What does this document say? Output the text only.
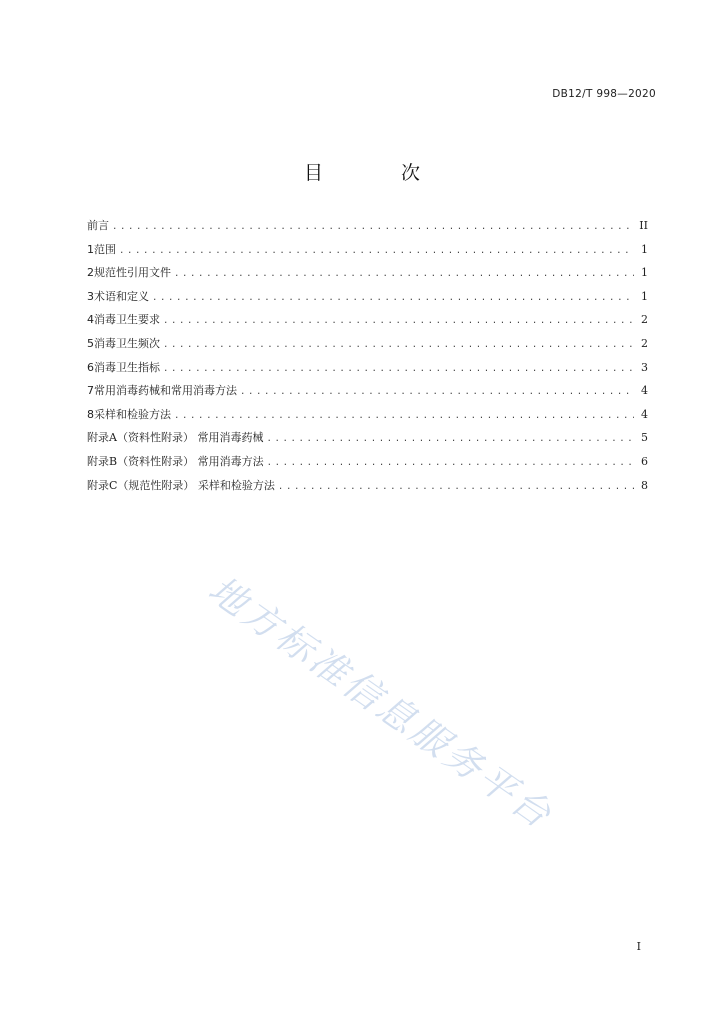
DB12/T 998—2020
目 次
前言 .....	II
1 范围 .....	1
2 规范性引用文件 .....	1
3 术语和定义 .....	1
4 消毒卫生要求 .....	2
5 消毒卫生频次 .....	2
6 消毒卫生指标 .....	3
7 常用消毒药械和常用消毒方法 .....	4
8 采样和检验方法 .....	4
附录A（资料性附录） 常用消毒药械 .....	5
附录B（资料性附录） 常用消毒方法 .....	6
附录C（规范性附录） 采样和检验方法 .....	8
地方标准信息服务平台
I
